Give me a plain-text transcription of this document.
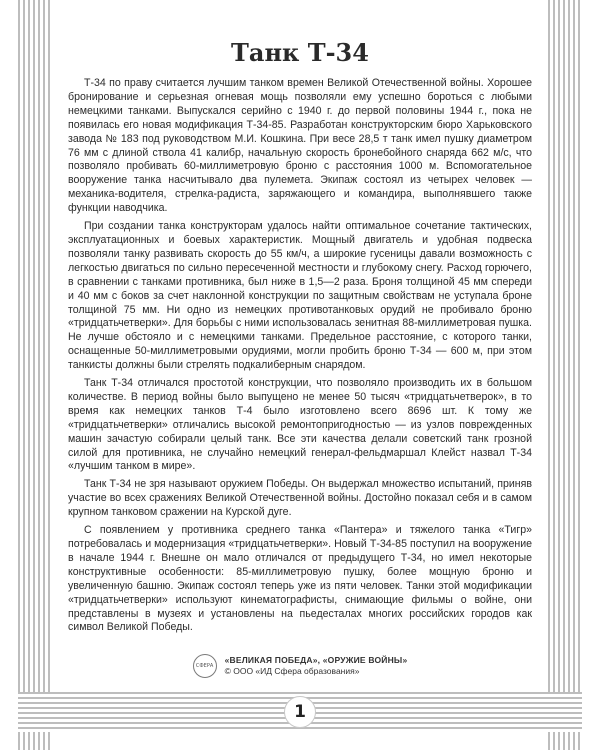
Танк Т-34

Т-34 по праву считается лучшим танком времен Великой Отечественной войны. Хорошее бронирование и серьезная огневая мощь позволяли ему успешно бороться с любыми немецкими танками. Выпускался серийно с 1940 г. до первой половины 1944 г., пока не появилась его новая модификация Т-34-85. Разработан конструкторским бюро Харьковского завода № 183 под руководством М.И. Кошкина. При весе 28,5 т танк имел пушку диаметром 76 мм с длиной ствола 41 калибр, начальную скорость бронебойного снаряда 662 м/с, что позволяло пробивать 60-миллиметровую броню с расстояния 1000 м. Вспомогательное вооружение танка насчитывало два пулемета. Экипаж состоял из четырех человек — механика-водителя, стрелка-радиста, заряжающего и командира, выполнявшего также функции наводчика.

При создании танка конструкторам удалось найти оптимальное сочетание тактических, эксплуатационных и боевых характеристик. Мощный двигатель и удобная подвеска позволяли танку развивать скорость до 55 км/ч, а широкие гусеницы давали возможность с легкостью двигаться по сильно пересеченной местности и глубокому снегу. Расход горючего, в сравнении с танками противника, был ниже в 1,5—2 раза. Броня толщиной 45 мм спереди и 40 мм с боков за счет наклонной конструкции по защитным свойствам не уступала броне толщиной 75 мм. Ни одно из немецких противотанковых орудий не пробивало броню «тридцатьчетверки». Для борьбы с ними использовалась зенитная 88-миллиметровая пушка. Не лучше обстояло и с немецкими танками. Предельное расстояние, с которого танки, оснащенные 50-миллиметровыми орудиями, могли пробить броню Т-34 — 600 м, при этом танкисты должны были стрелять подкалиберным снарядом.

Танк Т-34 отличался простотой конструкции, что позволяло производить их в большом количестве. В период войны было выпущено не менее 50 тысяч «тридцатьчетверок», в то время как немецких танков Т-4 было изготовлено всего 8696 шт. К тому же «тридцатьчетверки» отличались высокой ремонтопригодностью — из узлов поврежденных машин зачастую собирали целый танк. Все эти качества делали советский танк грозной силой для противника, не случайно немецкий генерал-фельдмаршал Клейст назвал Т-34 «лучшим танком в мире».

Танк Т-34 не зря называют оружием Победы. Он выдержал множество испытаний, приняв участие во всех сражениях Великой Отечественной войны. Достойно показал себя и в самом крупном танковом сражении на Курской дуге.

С появлением у противника среднего танка «Пантера» и тяжелого танка «Тигр» потребовалась и модернизация «тридцатьчетверки». Новый Т-34-85 поступил на вооружение в начале 1944 г. Внешне он мало отличался от предыдущего Т-34, но имел некоторые конструктивные особенности: 85-миллиметровую пушку, более мощную броню и увеличенную башню. Экипаж состоял теперь уже из пяти человек. Танки этой модификации «тридцатьчетверки» используют кинематографисты, снимающие фильмы о войне, они представлены в музеях и установлены на пьедесталах многих российских городов как символ Великой Победы.

СФЕРА
«ВЕЛИКАЯ ПОБЕДА», «ОРУЖИЕ ВОЙНЫ»
© ООО «ИД Сфера образования»
1
